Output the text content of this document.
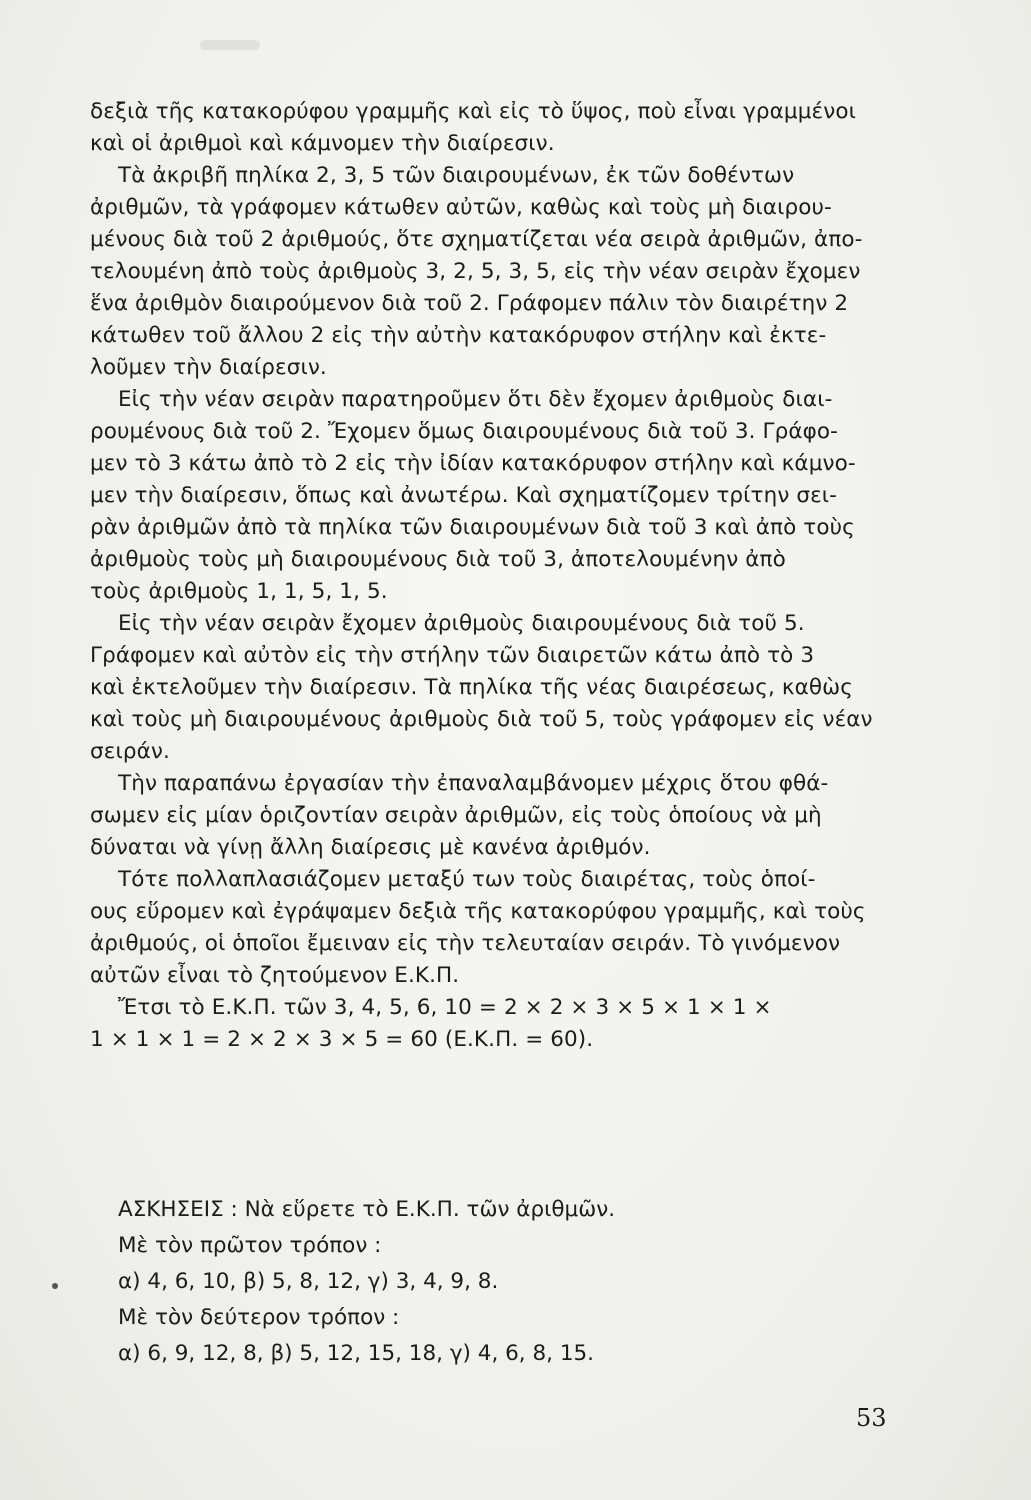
δεξιὰ τῆς κατακορύφου γραμμῆς καὶ εἰς τὸ ὕψος, ποὺ εἶναι γραμμένοι
καὶ οἱ ἀριθμοὶ καὶ κάμνομεν τὴν διαίρεσιν.
Τὰ ἀκριβῆ πηλίκα 2, 3, 5 τῶν διαιρουμένων, ἐκ τῶν δοθέντων
ἀριθμῶν, τὰ γράφομεν κάτωθεν αὐτῶν, καθὼς καὶ τοὺς μὴ διαιρου-
μένους διὰ τοῦ 2 ἀριθμούς, ὅτε σχηματίζεται νέα σειρὰ ἀριθμῶν, ἀπο-
τελουμένη ἀπὸ τοὺς ἀριθμοὺς 3, 2, 5, 3, 5, εἰς τὴν νέαν σειρὰν ἔχομεν
ἕνα ἀριθμὸν διαιρούμενον διὰ τοῦ 2. Γράφομεν πάλιν τὸν διαιρέτην 2
κάτωθεν τοῦ ἄλλου 2 εἰς τὴν αὐτὴν κατακόρυφον στήλην καὶ ἐκτε-
λοῦμεν τὴν διαίρεσιν.
Εἰς τὴν νέαν σειρὰν παρατηροῦμεν ὅτι δὲν ἔχομεν ἀριθμοὺς διαι-
ρουμένους διὰ τοῦ 2. Ἔχομεν ὅμως διαιρουμένους διὰ τοῦ 3. Γράφο-
μεν τὸ 3 κάτω ἀπὸ τὸ 2 εἰς τὴν ἰδίαν κατακόρυφον στήλην καὶ κάμνο-
μεν τὴν διαίρεσιν, ὅπως καὶ ἀνωτέρω. Καὶ σχηματίζομεν τρίτην σει-
ρὰν ἀριθμῶν ἀπὸ τὰ πηλίκα τῶν διαιρουμένων διὰ τοῦ 3 καὶ ἀπὸ τοὺς
ἀριθμοὺς τοὺς μὴ διαιρουμένους διὰ τοῦ 3, ἀποτελουμένην ἀπὸ
τοὺς ἀριθμοὺς 1, 1, 5, 1, 5.
Εἰς τὴν νέαν σειρὰν ἔχομεν ἀριθμοὺς διαιρουμένους διὰ τοῦ 5.
Γράφομεν καὶ αὐτὸν εἰς τὴν στήλην τῶν διαιρετῶν κάτω ἀπὸ τὸ 3
καὶ ἐκτελοῦμεν τὴν διαίρεσιν. Τὰ πηλίκα τῆς νέας διαιρέσεως, καθὼς
καὶ τοὺς μὴ διαιρουμένους ἀριθμοὺς διὰ τοῦ 5, τοὺς γράφομεν εἰς νέαν
σειράν.
Τὴν παραπάνω ἐργασίαν τὴν ἐπαναλαμβάνομεν μέχρις ὅτου φθά-
σωμεν εἰς μίαν ὁριζοντίαν σειρὰν ἀριθμῶν, εἰς τοὺς ὁποίους νὰ μὴ
δύναται νὰ γίνῃ ἄλλη διαίρεσις μὲ κανένα ἀριθμόν.
Τότε πολλαπλασιάζομεν μεταξύ των τοὺς διαιρέτας, τοὺς ὁποί-
ους εὕρομεν καὶ ἐγράψαμεν δεξιὰ τῆς κατακορύφου γραμμῆς, καὶ τοὺς
ἀριθμούς, οἱ ὁποῖοι ἔμειναν εἰς τὴν τελευταίαν σειράν. Τὸ γινόμενον
αὐτῶν εἶναι τὸ ζητούμενον Ε.Κ.Π.
Ἔτσι τὸ Ε.Κ.Π. τῶν 3, 4, 5, 6, 10 = 2 × 2 × 3 × 5 × 1 × 1 ×
1 × 1 × 1 = 2 × 2 × 3 × 5 = 60 (Ε.Κ.Π. = 60).
ΑΣΚΗΣΕΙΣ : Νὰ εὕρετε τὸ Ε.Κ.Π. τῶν ἀριθμῶν.
Μὲ τὸν πρῶτον τρόπον :
α) 4, 6, 10, β) 5, 8, 12, γ) 3, 4, 9, 8.
Μὲ τὸν δεύτερον τρόπον :
α) 6, 9, 12, 8, β) 5, 12, 15, 18, γ) 4, 6, 8, 15.
53
